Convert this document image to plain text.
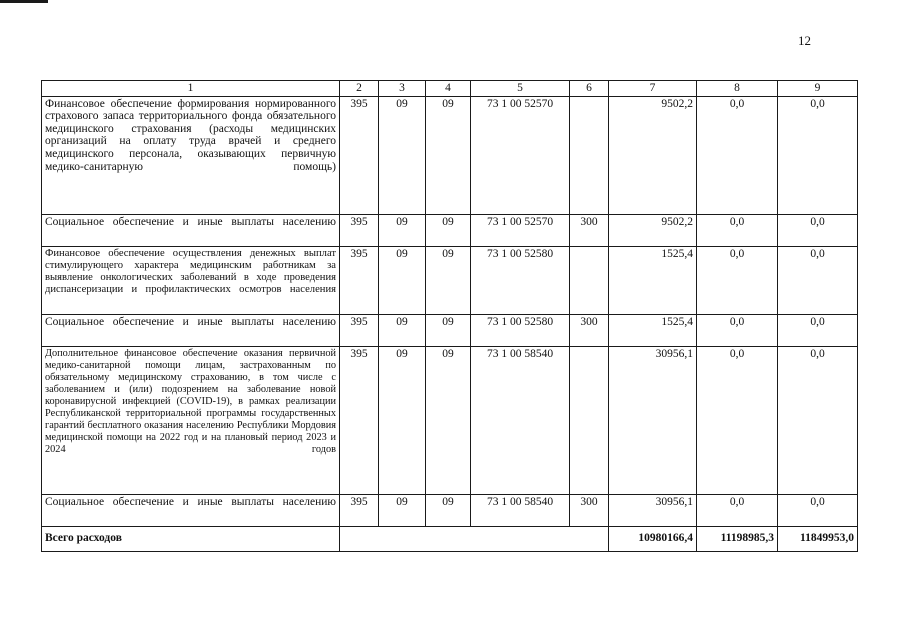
12
1	2	3	4	5	6	7	8	9
Финансовое обеспечение формирования нормированного страхового запаса территориального фонда обязательного медицинского страхования (расходы медицинских организаций на оплату труда врачей и среднего медицинского персонала, оказывающих первичную медико-санитарную помощь)	395	09	09	73 1 00 52570		9502,2	0,0	0,0
Социальное обеспечение и иные выплаты населению	395	09	09	73 1 00 52570	300	9502,2	0,0	0,0
Финансовое обеспечение осуществления денежных выплат стимулирующего характера медицинским работникам за выявление онкологических заболеваний в ходе проведения диспансеризации и профилактических осмотров населения	395	09	09	73 1 00 52580		1525,4	0,0	0,0
Социальное обеспечение и иные выплаты населению	395	09	09	73 1 00 52580	300	1525,4	0,0	0,0
Дополнительное финансовое обеспечение оказания первичной медико-санитарной помощи лицам, застрахованным по обязательному медицинскому страхованию, в том числе с заболеванием и (или) подозрением на заболевание новой коронавирусной инфекцией (COVID-19), в рамках реализации Республиканской территориальной программы государственных гарантий бесплатного оказания населению Республики Мордовия медицинской помощи на 2022 год и на плановый период 2023 и 2024 годов	395	09	09	73 1 00 58540		30956,1	0,0	0,0
Социальное обеспечение и иные выплаты населению	395	09	09	73 1 00 58540	300	30956,1	0,0	0,0
Всего расходов						10980166,4	11198985,3	11849953,0
